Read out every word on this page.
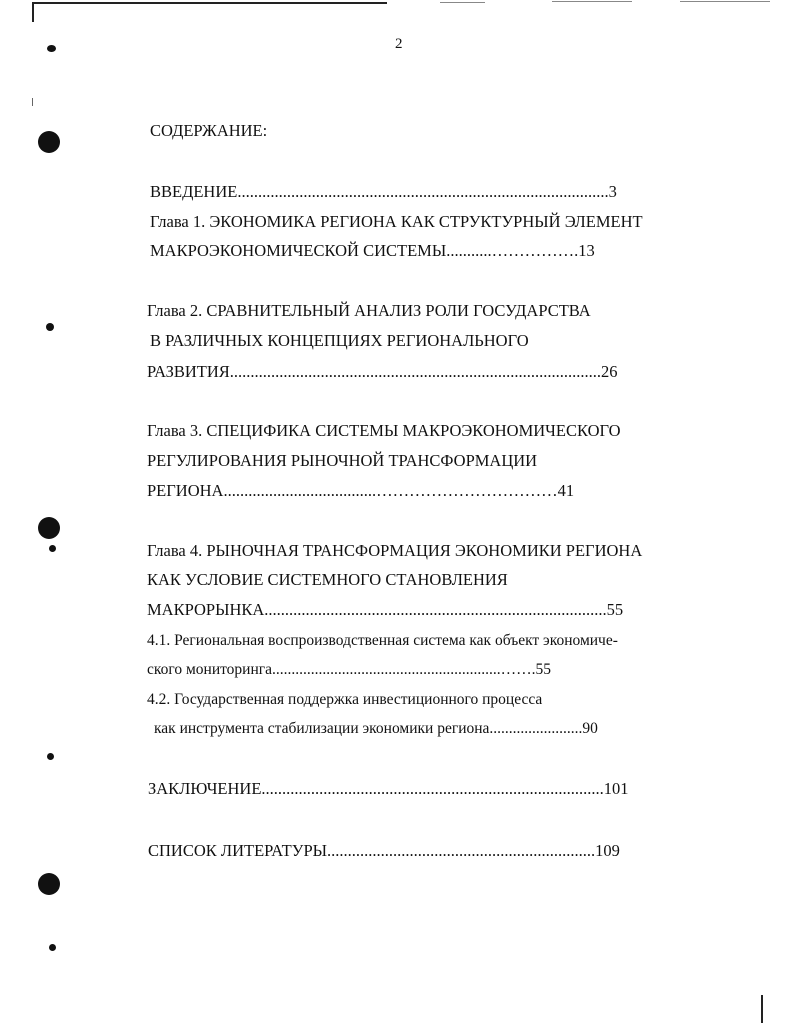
2
СОДЕРЖАНИЕ:
ВВЕДЕНИЕ..........................................................................................3
Глава 1. ЭКОНОМИКА РЕГИОНА КАК СТРУКТУРНЫЙ ЭЛЕМЕНТ
МАКРОЭКОНОМИЧЕСКОЙ СИСТЕМЫ...........…………….13
Глава 2. СРАВНИТЕЛЬНЫЙ АНАЛИЗ РОЛИ ГОСУДАРСТВА
В РАЗЛИЧНЫХ КОНЦЕПЦИЯХ РЕГИОНАЛЬНОГО
РАЗВИТИЯ..........................................................................................26
Глава 3. СПЕЦИФИКА СИСТЕМЫ МАКРОЭКОНОМИЧЕСКОГО
РЕГУЛИРОВАНИЯ РЫНОЧНОЙ ТРАНСФОРМАЦИИ
РЕГИОНА.....................................……………………………41
Глава 4. РЫНОЧНАЯ ТРАНСФОРМАЦИЯ ЭКОНОМИКИ РЕГИОНА
КАК УСЛОВИЕ СИСТЕМНОГО СТАНОВЛЕНИЯ
МАКРОРЫНКА...................................................................................55
4.1. Региональная воспроизводственная система как объект экономиче-
ского мониторинга...........................................................…….55
4.2. Государственная поддержка инвестиционного процесса
как инструмента стабилизации экономики региона........................90
ЗАКЛЮЧЕНИЕ...................................................................................101
СПИСОК ЛИТЕРАТУРЫ.................................................................109
